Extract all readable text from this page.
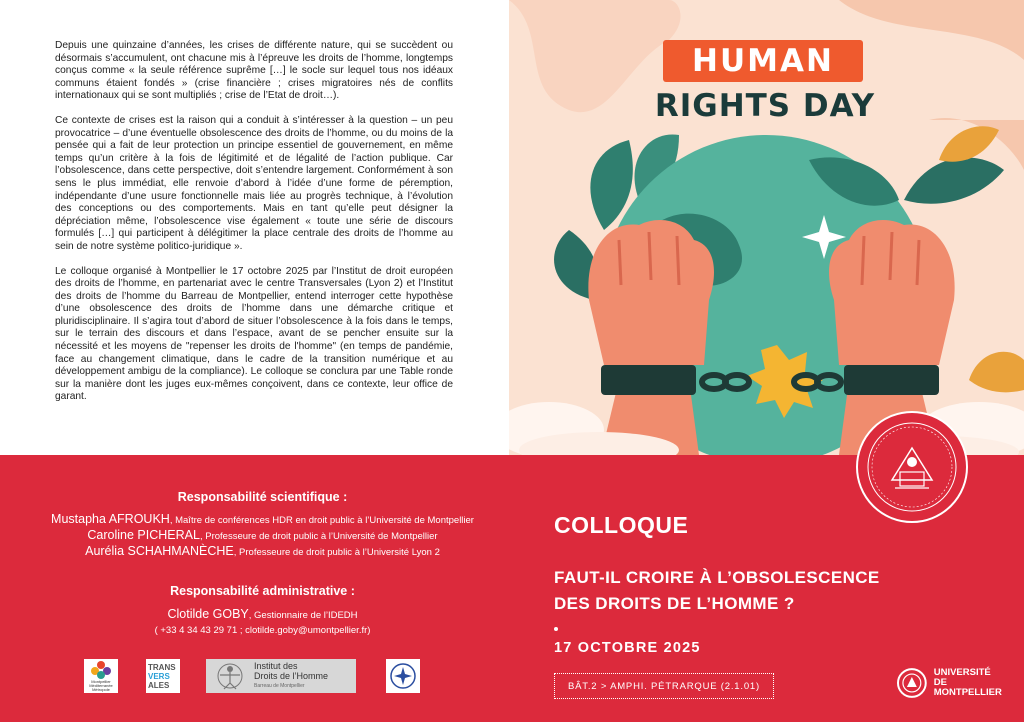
Depuis une quinzaine d’années, les crises de différente nature, qui se succèdent ou désormais s’accumulent, ont chacune mis à l’épreuve les droits de l’homme, longtemps conçus comme « la seule référence suprême […] le socle sur lequel tous nos idéaux communs étaient fondés » (crise financière ; crises migratoires nés de conflits internationaux qui se sont multipliés ; crise de l’Etat de droit…).

Ce contexte de crises est la raison qui a conduit à s’intéresser à la question – un peu provocatrice – d’une éventuelle obsolescence des droits de l’homme, ou du moins de la pensée qui a fait de leur protection un principe essentiel de gouvernement, en même temps qu’un critère à la fois de légitimité et de légalité de l’action publique. Car l’obsolescence, dans cette perspective, doit s’entendre largement. Conformément à son sens le plus immédiat, elle renvoie d’abord à l’idée d’une forme de péremption, indépendante d’une usure fonctionnelle mais liée au progrès technique, à l’évolution des conceptions ou des comportements. Mais en tant qu’elle peut désigner la dépréciation même, l’obsolescence vise également « toute une série de discours formulés […] qui participent à délégitimer la place centrale des droits de l’homme au sein de notre système politico-juridique ».

Le colloque organisé à Montpellier le 17 octobre 2025 par l’Institut de droit européen des droits de l’homme, en partenariat avec le centre Transversales (Lyon 2) et l’Institut des droits de l’homme du Barreau de Montpellier, entend interroger cette hypothèse d’une obsolescence des droits de l’homme dans une démarche critique et pluridisciplinaire. Il s’agira tout d’abord de situer l’obsolescence à la fois dans le temps, sur le terrain des discours et dans l’espace, avant de se pencher ensuite sur la nécessité et les moyens de "repenser les droits de l'homme" (en temps de pandémie, face au changement climatique, dans le cadre de la transition numérique et au développement ambigu de la compliance). Le colloque se conclura par une Table ronde sur la manière dont les juges eux-mêmes conçoivent, dans ce contexte, leur office de garant.

HUMAN
RIGHTS DAY
Responsabilité scientifique :
Mustapha AFROUKH, Maître de conférences HDR en droit public à l’Université de Montpellier
Caroline PICHERAL, Professeure de droit public à l’Université de Montpellier
Aurélia SCHAHMANÈCHE, Professeure de droit public à l’Université Lyon 2
Responsabilité administrative :
Clotilde GOBY, Gestionnaire de l’IDEDH
( +33 4 34 43 29 71 ; clotilde.goby@umontpellier.fr)
COLLOQUE
FAUT-IL CROIRE À L’OBSOLESCENCE
DES DROITS DE L’HOMME ?
17 OCTOBRE 2025
BÂT.2 > AMPHI. PÉTRARQUE (2.1.01)
Montpellier Méditerranée Métropole
TRANS
VERS
ALES
Institut des
Droits de l’Homme
Barreau de Montpellier
UNIVERSITÉ DE
MONTPELLIER
